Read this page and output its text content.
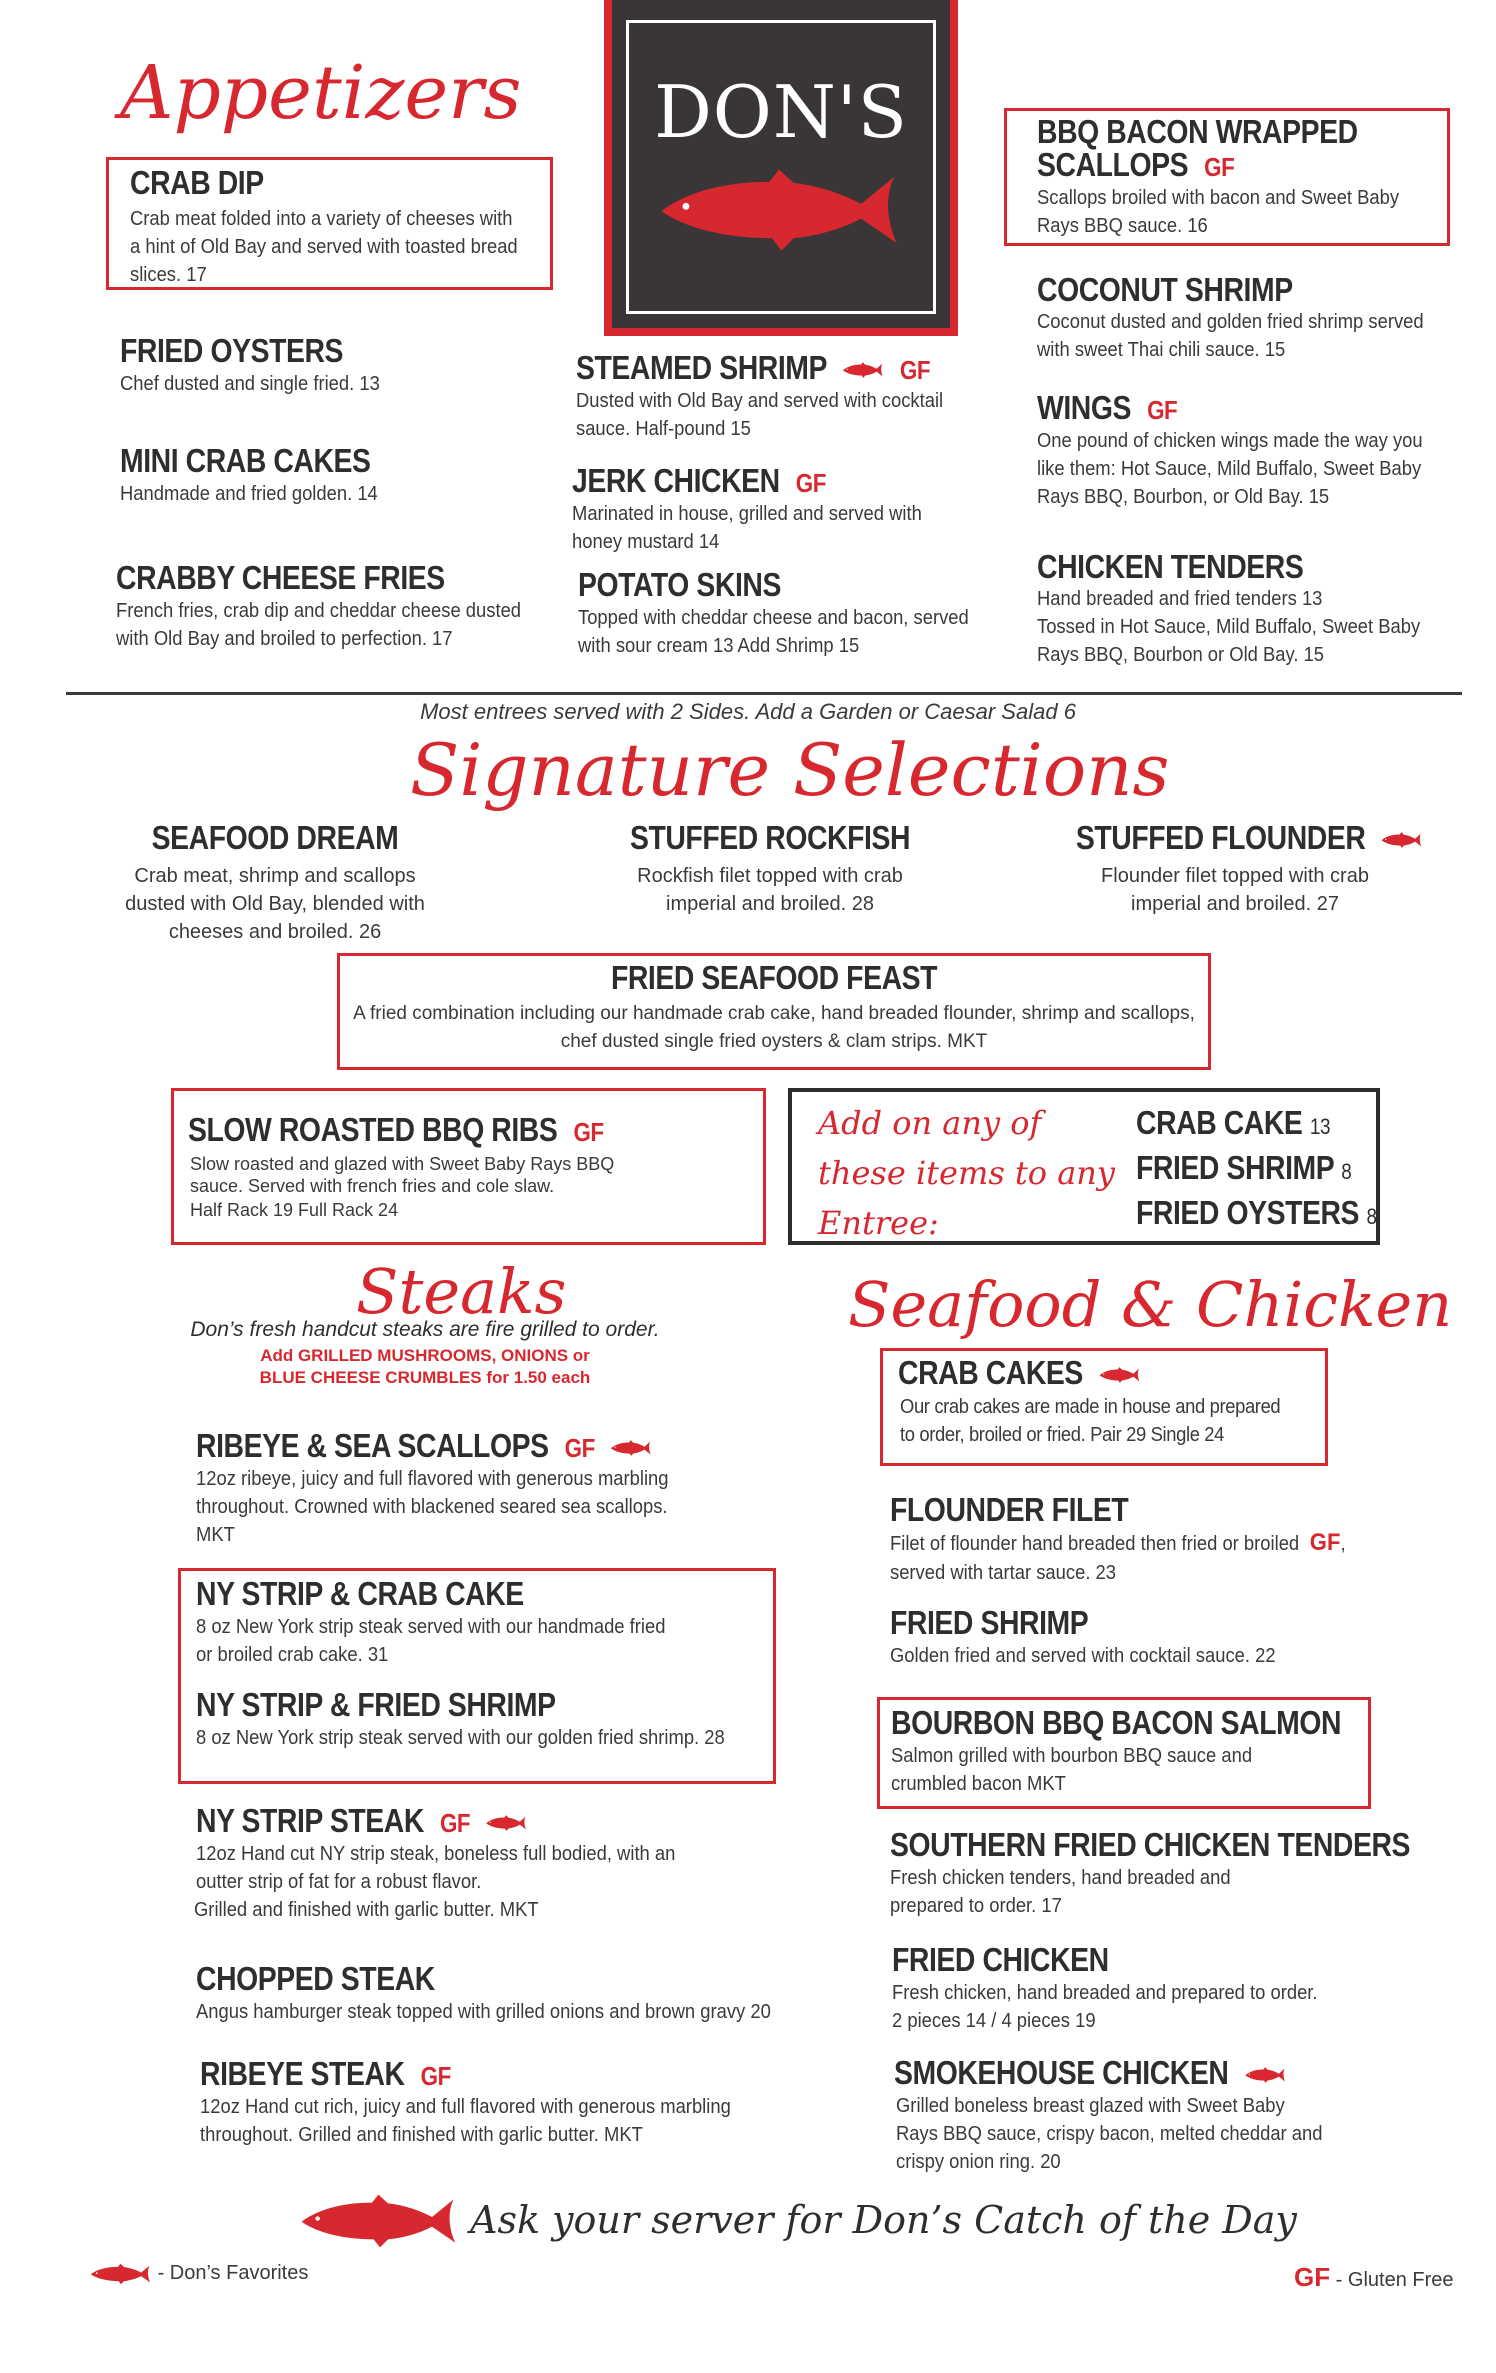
DON'S
Appetizers
CRAB DIP
Crab meat folded into a variety of cheeses with a hint of Old Bay and served with toasted bread slices. 17
FRIED OYSTERS
Chef dusted and single fried. 13
MINI CRAB CAKES
Handmade and fried golden. 14
CRABBY CHEESE FRIES
French fries, crab dip and cheddar cheese dusted with Old Bay and broiled to perfection. 17
STEAMED SHRIMP	GF
Dusted with Old Bay and served with cocktail sauce. Half-pound 15
JERK CHICKEN GF
Marinated in house, grilled and served with honey mustard 14
POTATO SKINS
Topped with cheddar cheese and bacon, served with sour cream 13 Add Shrimp 15
BBQ BACON WRAPPED
SCALLOPS GF
Scallops broiled with bacon and Sweet Baby Rays BBQ sauce. 16
COCONUT SHRIMP
Coconut dusted and golden fried shrimp served with sweet Thai chili sauce. 15
WINGS GF
One pound of chicken wings made the way you like them: Hot Sauce, Mild Buffalo, Sweet Baby Rays BBQ, Bourbon, or Old Bay. 15
CHICKEN TENDERS
Hand breaded and fried tenders 13
Tossed in Hot Sauce, Mild Buffalo, Sweet Baby Rays BBQ, Bourbon or Old Bay. 15
Most entrees served with 2 Sides. Add a Garden or Caesar Salad 6
Signature Selections
SEAFOOD DREAM
Crab meat, shrimp and scallops dusted with Old Bay, blended with cheeses and broiled. 26
STUFFED ROCKFISH
Rockfish filet topped with crab imperial and broiled. 28
STUFFED FLOUNDER
Flounder filet topped with crab imperial and broiled. 27
FRIED SEAFOOD FEAST
A fried combination including our handmade crab cake, hand breaded flounder, shrimp and scallops, chef dusted single fried oysters & clam strips. MKT
SLOW ROASTED BBQ RIBS GF
Slow roasted and glazed with Sweet Baby Rays BBQ sauce. Served with french fries and cole slaw.
Half Rack 19 Full Rack 24
Add on any of
these items to any
Entree:
CRAB CAKE 13
FRIED SHRIMP 8
FRIED OYSTERS 8
Steaks
Don’s fresh handcut steaks are fire grilled to order.
Add GRILLED MUSHROOMS, ONIONS or BLUE CHEESE CRUMBLES for 1.50 each
RIBEYE & SEA SCALLOPS GF
12oz ribeye, juicy and full flavored with generous marbling throughout. Crowned with blackened seared sea scallops. MKT
NY STRIP & CRAB CAKE
8 oz New York strip steak served with our handmade fried or broiled crab cake. 31
NY STRIP & FRIED SHRIMP
8 oz New York strip steak served with our golden fried shrimp. 28
NY STRIP STEAK GF
12oz Hand cut NY strip steak, boneless full bodied, with an outter strip of fat for a robust flavor.
Grilled and finished with garlic butter. MKT
CHOPPED STEAK
Angus hamburger steak topped with grilled onions and brown gravy 20
RIBEYE STEAK GF
12oz Hand cut rich, juicy and full flavored with generous marbling throughout. Grilled and finished with garlic butter. MKT
Seafood & Chicken
CRAB CAKES
Our crab cakes are made in house and prepared to order, broiled or fried. Pair 29 Single 24
FLOUNDER FILET
Filet of flounder hand breaded then fried or broiled GF,
served with tartar sauce. 23
FRIED SHRIMP
Golden fried and served with cocktail sauce. 22
BOURBON BBQ BACON SALMON
Salmon grilled with bourbon BBQ sauce and crumbled bacon MKT
SOUTHERN FRIED CHICKEN TENDERS
Fresh chicken tenders, hand breaded and prepared to order. 17
FRIED CHICKEN
Fresh chicken, hand breaded and prepared to order.
2 pieces 14 / 4 pieces 19
SMOKEHOUSE CHICKEN
Grilled boneless breast glazed with Sweet Baby Rays BBQ sauce, crispy bacon, melted cheddar and crispy onion ring. 20
Ask your server for Don’s Catch of the Day
- Don’s Favorites	GF - Gluten Free
